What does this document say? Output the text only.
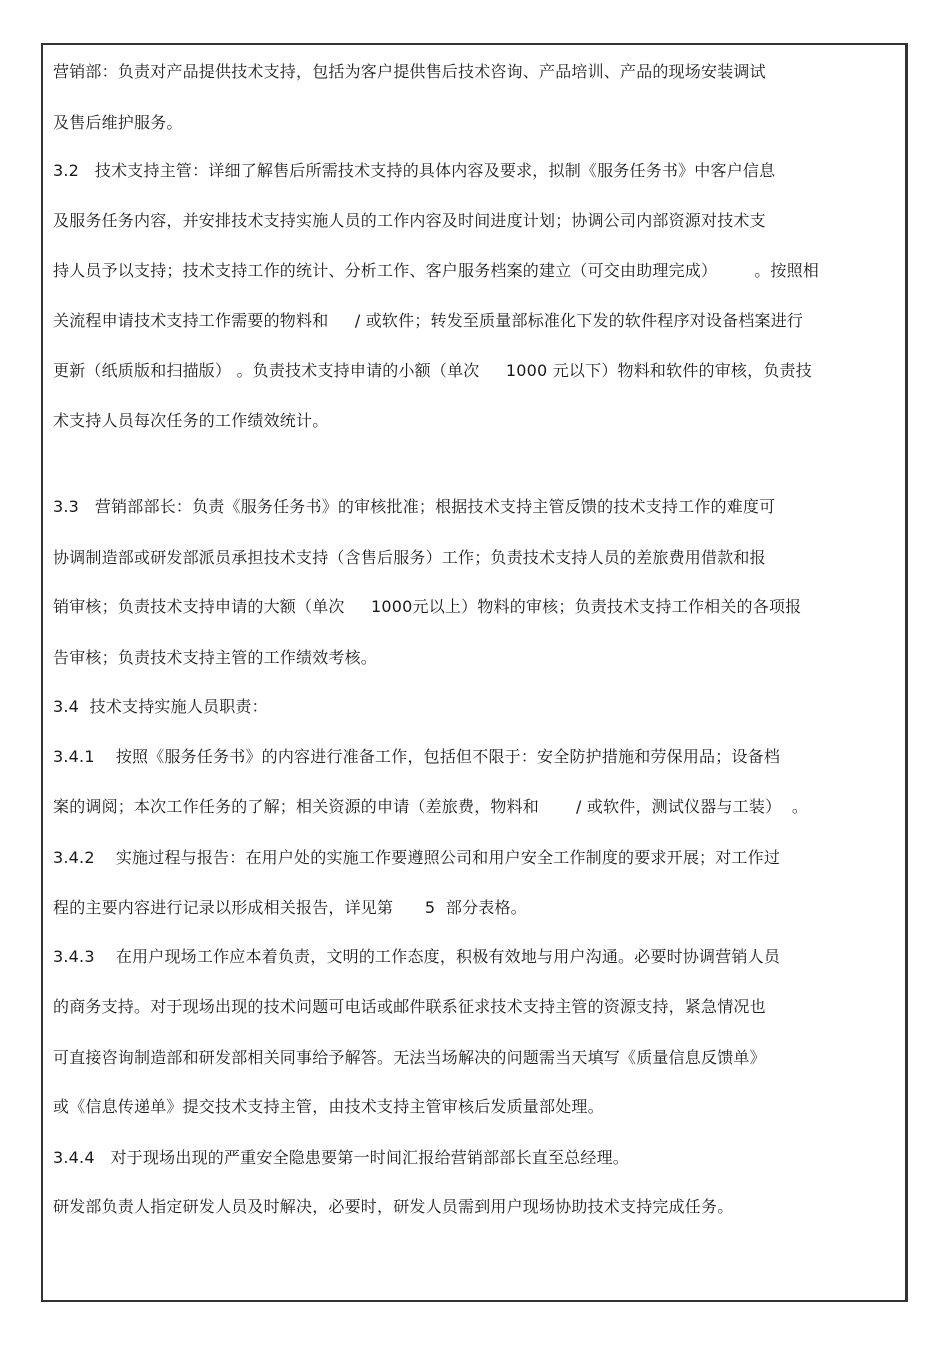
营销部：负责对产品提供技术支持，包括为客户提供售后技术咨询、产品培训、产品的现场安装调试
及售后维护服务。
3.2   技术支持主管：详细了解售后所需技术支持的具体内容及要求，拟制《服务任务书》中客户信息
及服务任务内容，并安排技术支持实施人员的工作内容及时间进度计划；协调公司内部资源对技术支
持人员予以支持；技术支持工作的统计、分析工作、客户服务档案的建立（可交由助理完成）       。按照相
关流程申请技术支持工作需要的物料和     / 或软件；转发至质量部标准化下发的软件程序对设备档案进行
更新（纸质版和扫描版） 。负责技术支持申请的小额（单次     1000 元以下）物料和软件的审核，负责技
术支持人员每次任务的工作绩效统计。
3.3   营销部部长：负责《服务任务书》的审核批准；根据技术支持主管反馈的技术支持工作的难度可
协调制造部或研发部派员承担技术支持（含售后服务）工作；负责技术支持人员的差旅费用借款和报
销审核；负责技术支持申请的大额（单次     1000元以上）物料的审核；负责技术支持工作相关的各项报
告审核；负责技术支持主管的工作绩效考核。
3.4  技术支持实施人员职责：
3.4.1    按照《服务任务书》的内容进行准备工作，包括但不限于：安全防护措施和劳保用品；设备档
案的调阅；本次工作任务的了解；相关资源的申请（差旅费，物料和       / 或软件，测试仪器与工装）  。
3.4.2    实施过程与报告：在用户处的实施工作要遵照公司和用户安全工作制度的要求开展；对工作过
程的主要内容进行记录以形成相关报告，详见第      5  部分表格。
3.4.3    在用户现场工作应本着负责，文明的工作态度，积极有效地与用户沟通。必要时协调营销人员
的商务支持。对于现场出现的技术问题可电话或邮件联系征求技术支持主管的资源支持，紧急情况也
可直接咨询制造部和研发部相关同事给予解答。无法当场解决的问题需当天填写《质量信息反馈单》
或《信息传递单》提交技术支持主管，由技术支持主管审核后发质量部处理。
3.4.4   对于现场出现的严重安全隐患要第一时间汇报给营销部部长直至总经理。
研发部负责人指定研发人员及时解决，必要时，研发人员需到用户现场协助技术支持完成任务。
